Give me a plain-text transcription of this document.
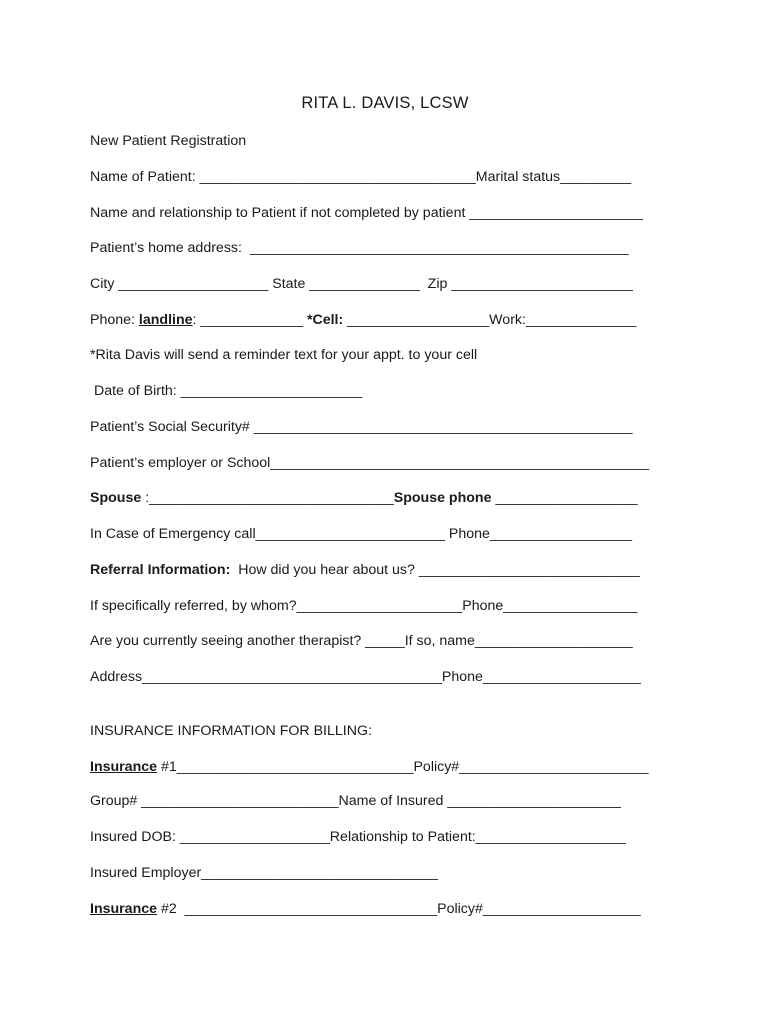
RITA L. DAVIS, LCSW
New Patient Registration
Name of Patient: ___________________________________Marital status_________
Name and relationship to Patient if not completed by patient ______________________
Patient’s home address:  ________________________________________________
City ___________________ State ______________  Zip _______________________
Phone: landline: _____________ *Cell: __________________Work:______________
*Rita Davis will send a reminder text for your appt. to your cell
Date of Birth: _______________________
Patient’s Social Security# ________________________________________________
Patient’s employer or School________________________________________________
Spouse :_______________________________Spouse phone __________________
In Case of Emergency call________________________ Phone__________________
Referral Information:  How did you hear about us? ____________________________
If specifically referred, by whom?_____________________Phone_________________
Are you currently seeing another therapist? _____If so, name____________________
Address______________________________________Phone____________________
INSURANCE INFORMATION FOR BILLING:
Insurance #1______________________________Policy#________________________
Group# _________________________Name of Insured ______________________
Insured DOB: ___________________Relationship to Patient:___________________
Insured Employer______________________________
Insurance #2  ________________________________Policy#____________________
